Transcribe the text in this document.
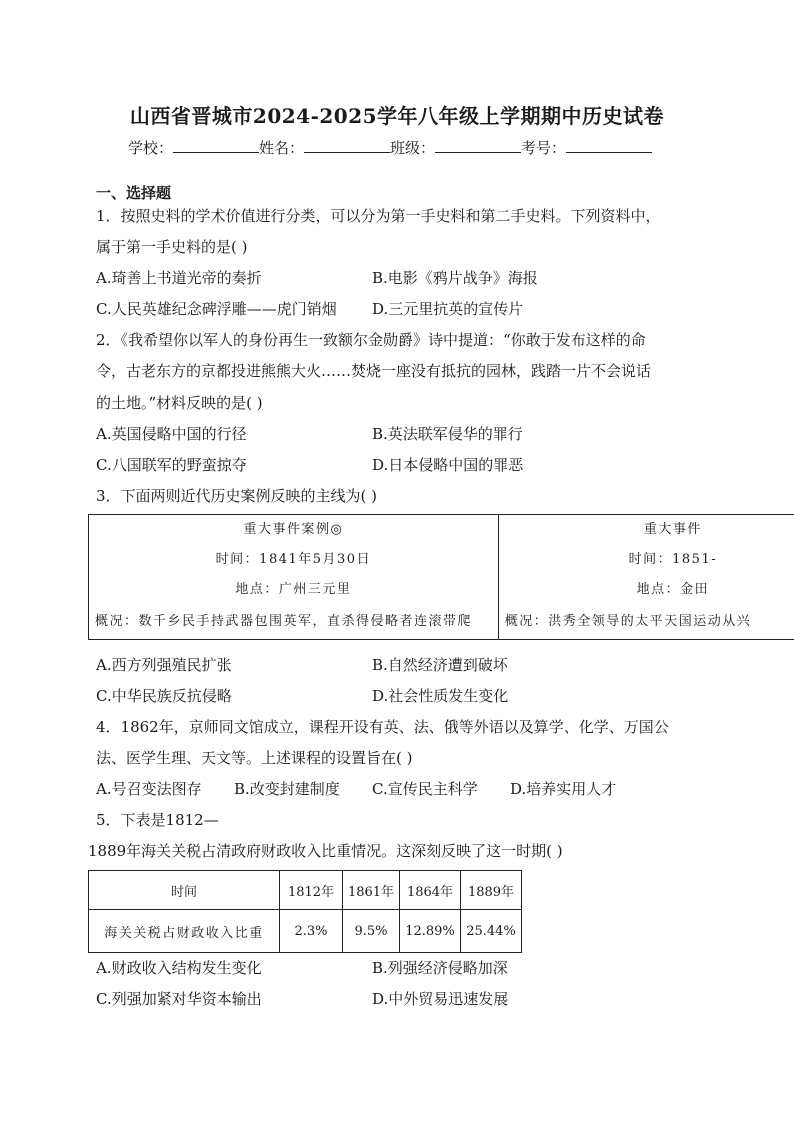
山西省晋城市2024-2025学年八年级上学期期中历史试卷
学校：	姓名：	班级：	考号：
一、选择题
1．按照史料的学术价值进行分类，可以分为第一手史料和第二手史料。下列资料中，
属于第一手史料的是( )
A.琦善上书道光帝的奏折	B.电影《鸦片战争》海报
C.人民英雄纪念碑浮雕——虎门销烟 D.三元里抗英的宣传片
2．《我希望你以军人的身份再生一致额尔金勋爵》诗中提道：“你敢于发布这样的命
令，古老东方的京都投进熊熊大火……焚烧一座没有抵抗的园林，践踏一片不会说话
的土地。”材料反映的是( )
A.英国侵略中国的行径	B.英法联军侵华的罪行
C.八国联军的野蛮掠夺	D.日本侵略中国的罪恶
3．下面两则近代历史案例反映的主线为( )
重大事件案例◎
时间：1841年5月30日
地点：广州三元里
概况：数千乡民手持武器包围英军，直杀得侵略者连滚带爬

重大事件
时间：1851-
地点：金田
概况：洪秀全领导的太平天国运动从兴
A.西方列强殖民扩张	B.自然经济遭到破坏
C.中华民族反抗侵略	D.社会性质发生变化
4．1862年，京师同文馆成立，课程开设有英、法、俄等外语以及算学、化学、万国公
法、医学生理、天文等。上述课程的设置旨在( )
A.号召变法图存 B.改变封建制度 C.宣传民主科学 D.培养实用人才
5．下表是1812—
1889年海关关税占清政府财政收入比重情况。这深刻反映了这一时期( )
时间	1812年	1861年	1864年	1889年
海关关税占财政收入比重	2.3%	9.5%	12.89%	25.44%
A.财政收入结构发生变化	B.列强经济侵略加深
C.列强加紧对华资本输出	D.中外贸易迅速发展
